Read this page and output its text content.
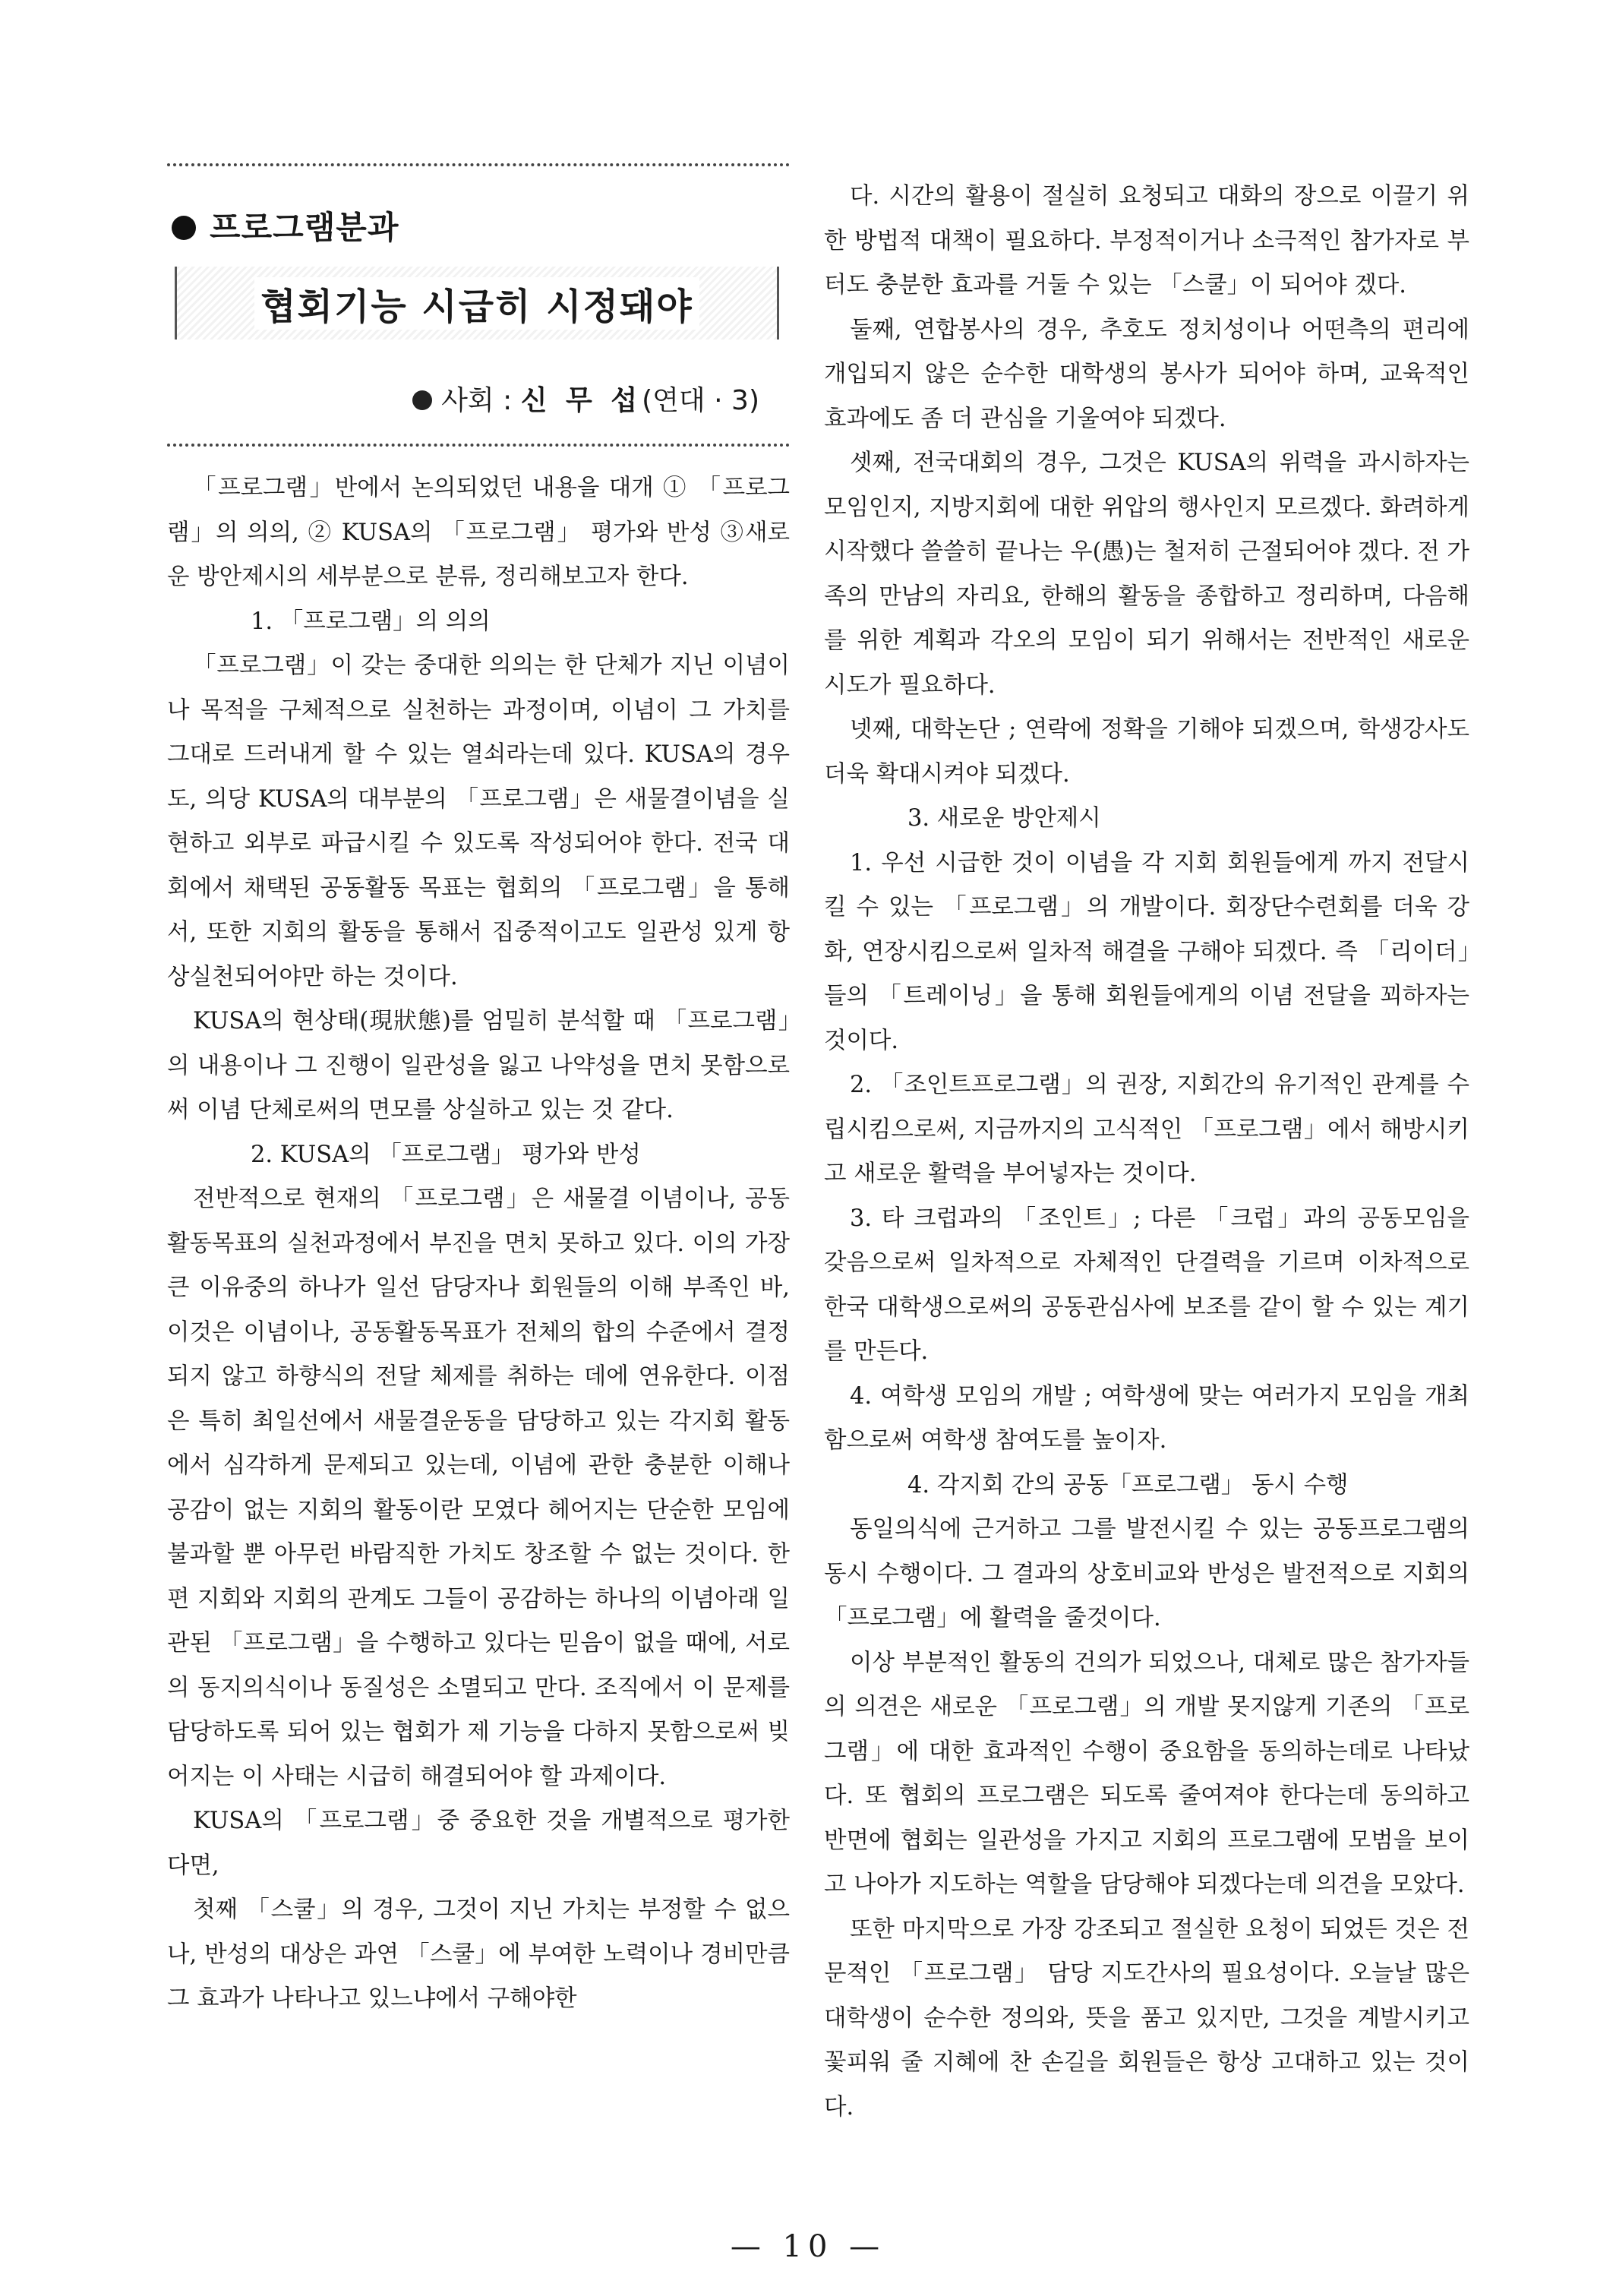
프로그램분과
협회기능 시급히 시정돼야
사회 : 신 무 섭(연대 · 3)

「프로그램」반에서 논의되었던 내용을 대개 ① 「프로그램」의 의의, ② KUSA의 「프로그램」 평가와 반성 ③새로운 방안제시의 세부분으로 분류, 정리해보고자 한다.

1. 「프로그램」의 의의

「프로그램」이 갖는 중대한 의의는 한 단체가 지닌 이념이나 목적을 구체적으로 실천하는 과정이며, 이념이 그 가치를 그대로 드러내게 할 수 있는 열쇠라는데 있다. KUSA의 경우도, 의당 KUSA의 대부분의 「프로그램」은 새물결이념을 실현하고 외부로 파급시킬 수 있도록 작성되어야 한다. 전국 대회에서 채택된 공동활동 목표는 협회의 「프로그램」을 통해서, 또한 지회의 활동을 통해서 집중적이고도 일관성 있게 항상실천되어야만 하는 것이다.

KUSA의 현상태(現狀態)를 엄밀히 분석할 때 「프로그램」의 내용이나 그 진행이 일관성을 잃고 나약성을 면치 못함으로써 이념 단체로써의 면모를 상실하고 있는 것 같다.

2. KUSA의 「프로그램」 평가와 반성

전반적으로 현재의 「프로그램」은 새물결 이념이나, 공동활동목표의 실천과정에서 부진을 면치 못하고 있다. 이의 가장 큰 이유중의 하나가 일선 담당자나 회원들의 이해 부족인 바, 이것은 이념이나, 공동활동목표가 전체의 합의 수준에서 결정되지 않고 하향식의 전달 체제를 취하는 데에 연유한다. 이점은 특히 최일선에서 새물결운동을 담당하고 있는 각지회 활동에서 심각하게 문제되고 있는데, 이념에 관한 충분한 이해나 공감이 없는 지회의 활동이란 모였다 헤어지는 단순한 모임에 불과할 뿐 아무런 바람직한 가치도 창조할 수 없는 것이다. 한편 지회와 지회의 관계도 그들이 공감하는 하나의 이념아래 일관된 「프로그램」을 수행하고 있다는 믿음이 없을 때에, 서로의 동지의식이나 동질성은 소멸되고 만다. 조직에서 이 문제를 담당하도록 되어 있는 협회가 제 기능을 다하지 못함으로써 빚어지는 이 사태는 시급히 해결되어야 할 과제이다.

KUSA의 「프로그램」중 중요한 것을 개별적으로 평가한다면,

첫째 「스쿨」의 경우, 그것이 지닌 가치는 부정할 수 없으나, 반성의 대상은 과연 「스쿨」에 부여한 노력이나 경비만큼 그 효과가 나타나고 있느냐에서 구해야한

다. 시간의 활용이 절실히 요청되고 대화의 장으로 이끌기 위한 방법적 대책이 필요하다. 부정적이거나 소극적인 참가자로 부터도 충분한 효과를 거둘 수 있는 「스쿨」이 되어야 겠다.

둘째, 연합봉사의 경우, 추호도 정치성이나 어떤측의 편리에 개입되지 않은 순수한 대학생의 봉사가 되어야 하며, 교육적인 효과에도 좀 더 관심을 기울여야 되겠다.

셋째, 전국대회의 경우, 그것은 KUSA의 위력을 과시하자는 모임인지, 지방지회에 대한 위압의 행사인지 모르겠다. 화려하게 시작했다 쓸쓸히 끝나는 우(愚)는 철저히 근절되어야 겠다. 전 가족의 만남의 자리요, 한해의 활동을 종합하고 정리하며, 다음해를 위한 계획과 각오의 모임이 되기 위해서는 전반적인 새로운 시도가 필요하다.

넷째, 대학논단 ; 연락에 정확을 기해야 되겠으며, 학생강사도 더욱 확대시켜야 되겠다.

3. 새로운 방안제시

1. 우선 시급한 것이 이념을 각 지회 회원들에게 까지 전달시킬 수 있는 「프로그램」의 개발이다. 회장단수련회를 더욱 강화, 연장시킴으로써 일차적 해결을 구해야 되겠다. 즉 「리이더」들의 「트레이닝」을 통해 회원들에게의 이념 전달을 꾀하자는 것이다.

2. 「조인트프로그램」의 권장, 지회간의 유기적인 관계를 수립시킴으로써, 지금까지의 고식적인 「프로그램」에서 해방시키고 새로운 활력을 부어넣자는 것이다.

3. 타 크럽과의 「조인트」; 다른 「크럽」과의 공동모임을 갖음으로써 일차적으로 자체적인 단결력을 기르며 이차적으로 한국 대학생으로써의 공동관심사에 보조를 같이 할 수 있는 계기를 만든다.

4. 여학생 모임의 개발 ; 여학생에 맞는 여러가지 모임을 개최함으로써 여학생 참여도를 높이자.

4. 각지회 간의 공동「프로그램」 동시 수행

동일의식에 근거하고 그를 발전시킬 수 있는 공동프로그램의 동시 수행이다. 그 결과의 상호비교와 반성은 발전적으로 지회의 「프로그램」에 활력을 줄것이다.

이상 부분적인 활동의 건의가 되었으나, 대체로 많은 참가자들의 의견은 새로운 「프로그램」의 개발 못지않게 기존의 「프로그램」에 대한 효과적인 수행이 중요함을 동의하는데로 나타났다. 또 협회의 프로그램은 되도록 줄여져야 한다는데 동의하고 반면에 협회는 일관성을 가지고 지회의 프로그램에 모범을 보이고 나아가 지도하는 역할을 담당해야 되겠다는데 의견을 모았다.

또한 마지막으로 가장 강조되고 절실한 요청이 되었든 것은 전문적인 「프로그램」 담당 지도간사의 필요성이다. 오늘날 많은 대학생이 순수한 정의와, 뜻을 품고 있지만, 그것을 계발시키고 꽃피워 줄 지혜에 찬 손길을 회원들은 항상 고대하고 있는 것이다.

— 10 —
